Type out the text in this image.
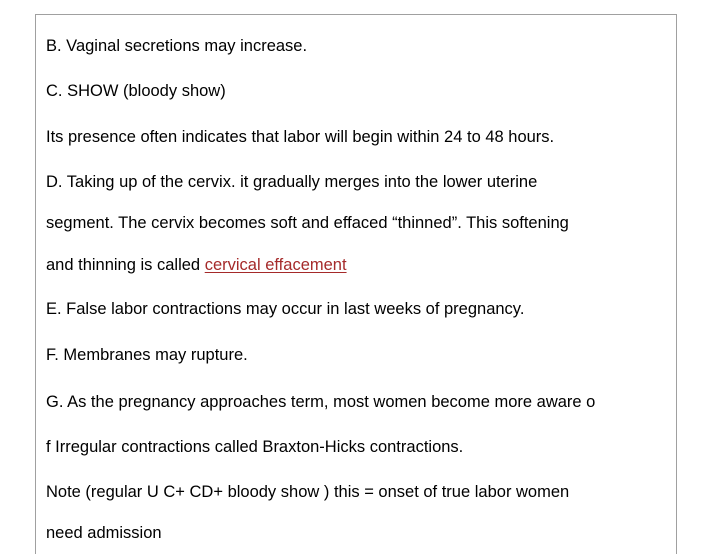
B. Vaginal secretions may increase.
C. SHOW (bloody show)
Its presence often indicates that labor will begin within 24 to 48 hours.
D. Taking up of the cervix. it gradually merges into the lower uterine
segment. The cervix becomes soft and effaced “thinned”. This softening
and thinning is called cervical effacement
E. False labor contractions may occur in last weeks of pregnancy.
F. Membranes may rupture.
G. As the pregnancy approaches term, most women become more aware o
f Irregular contractions called Braxton-Hicks contractions.
Note (regular U C+ CD+ bloody show ) this = onset of true labor women
need admission
